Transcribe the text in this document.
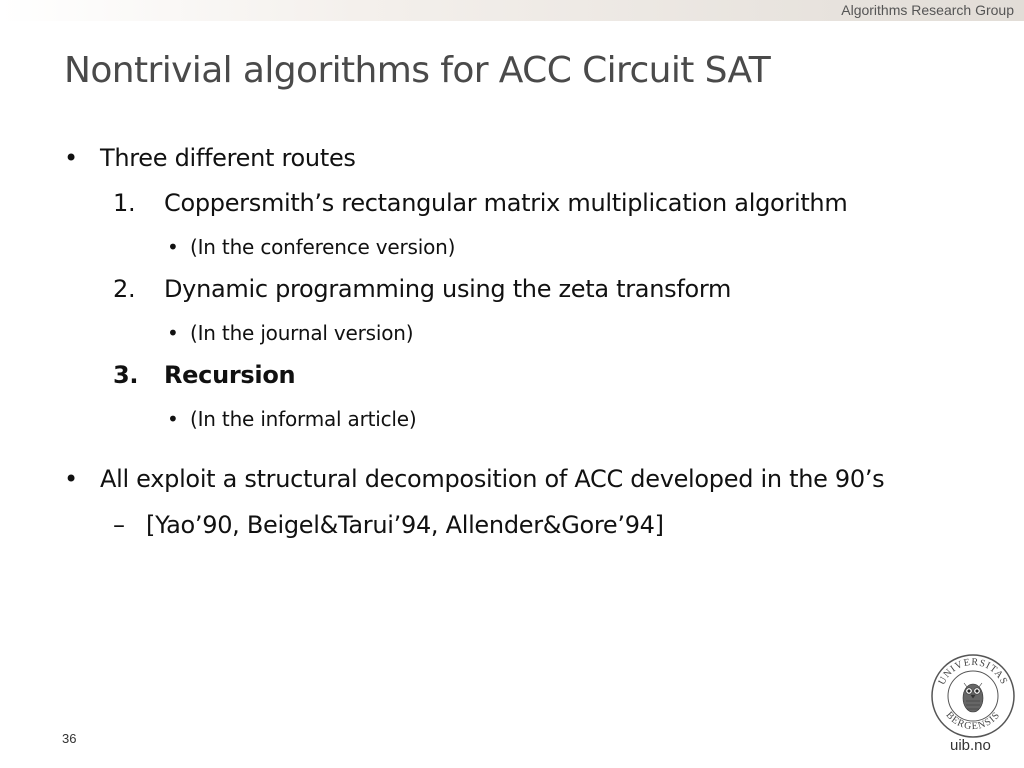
Algorithms Research Group
Nontrivial algorithms for ACC Circuit SAT
• Three different routes
1. Coppersmith’s rectangular matrix multiplication algorithm
• (In the conference version)
2. Dynamic programming using the zeta transform
• (In the journal version)
3. Recursion
• (In the informal article)
• All exploit a structural decomposition of ACC developed in the 90’s
– [Yao’90, Beigel&Tarui’94, Allender&Gore’94]
36
UNIVERSITAS
BERGENSIS
uib.no
